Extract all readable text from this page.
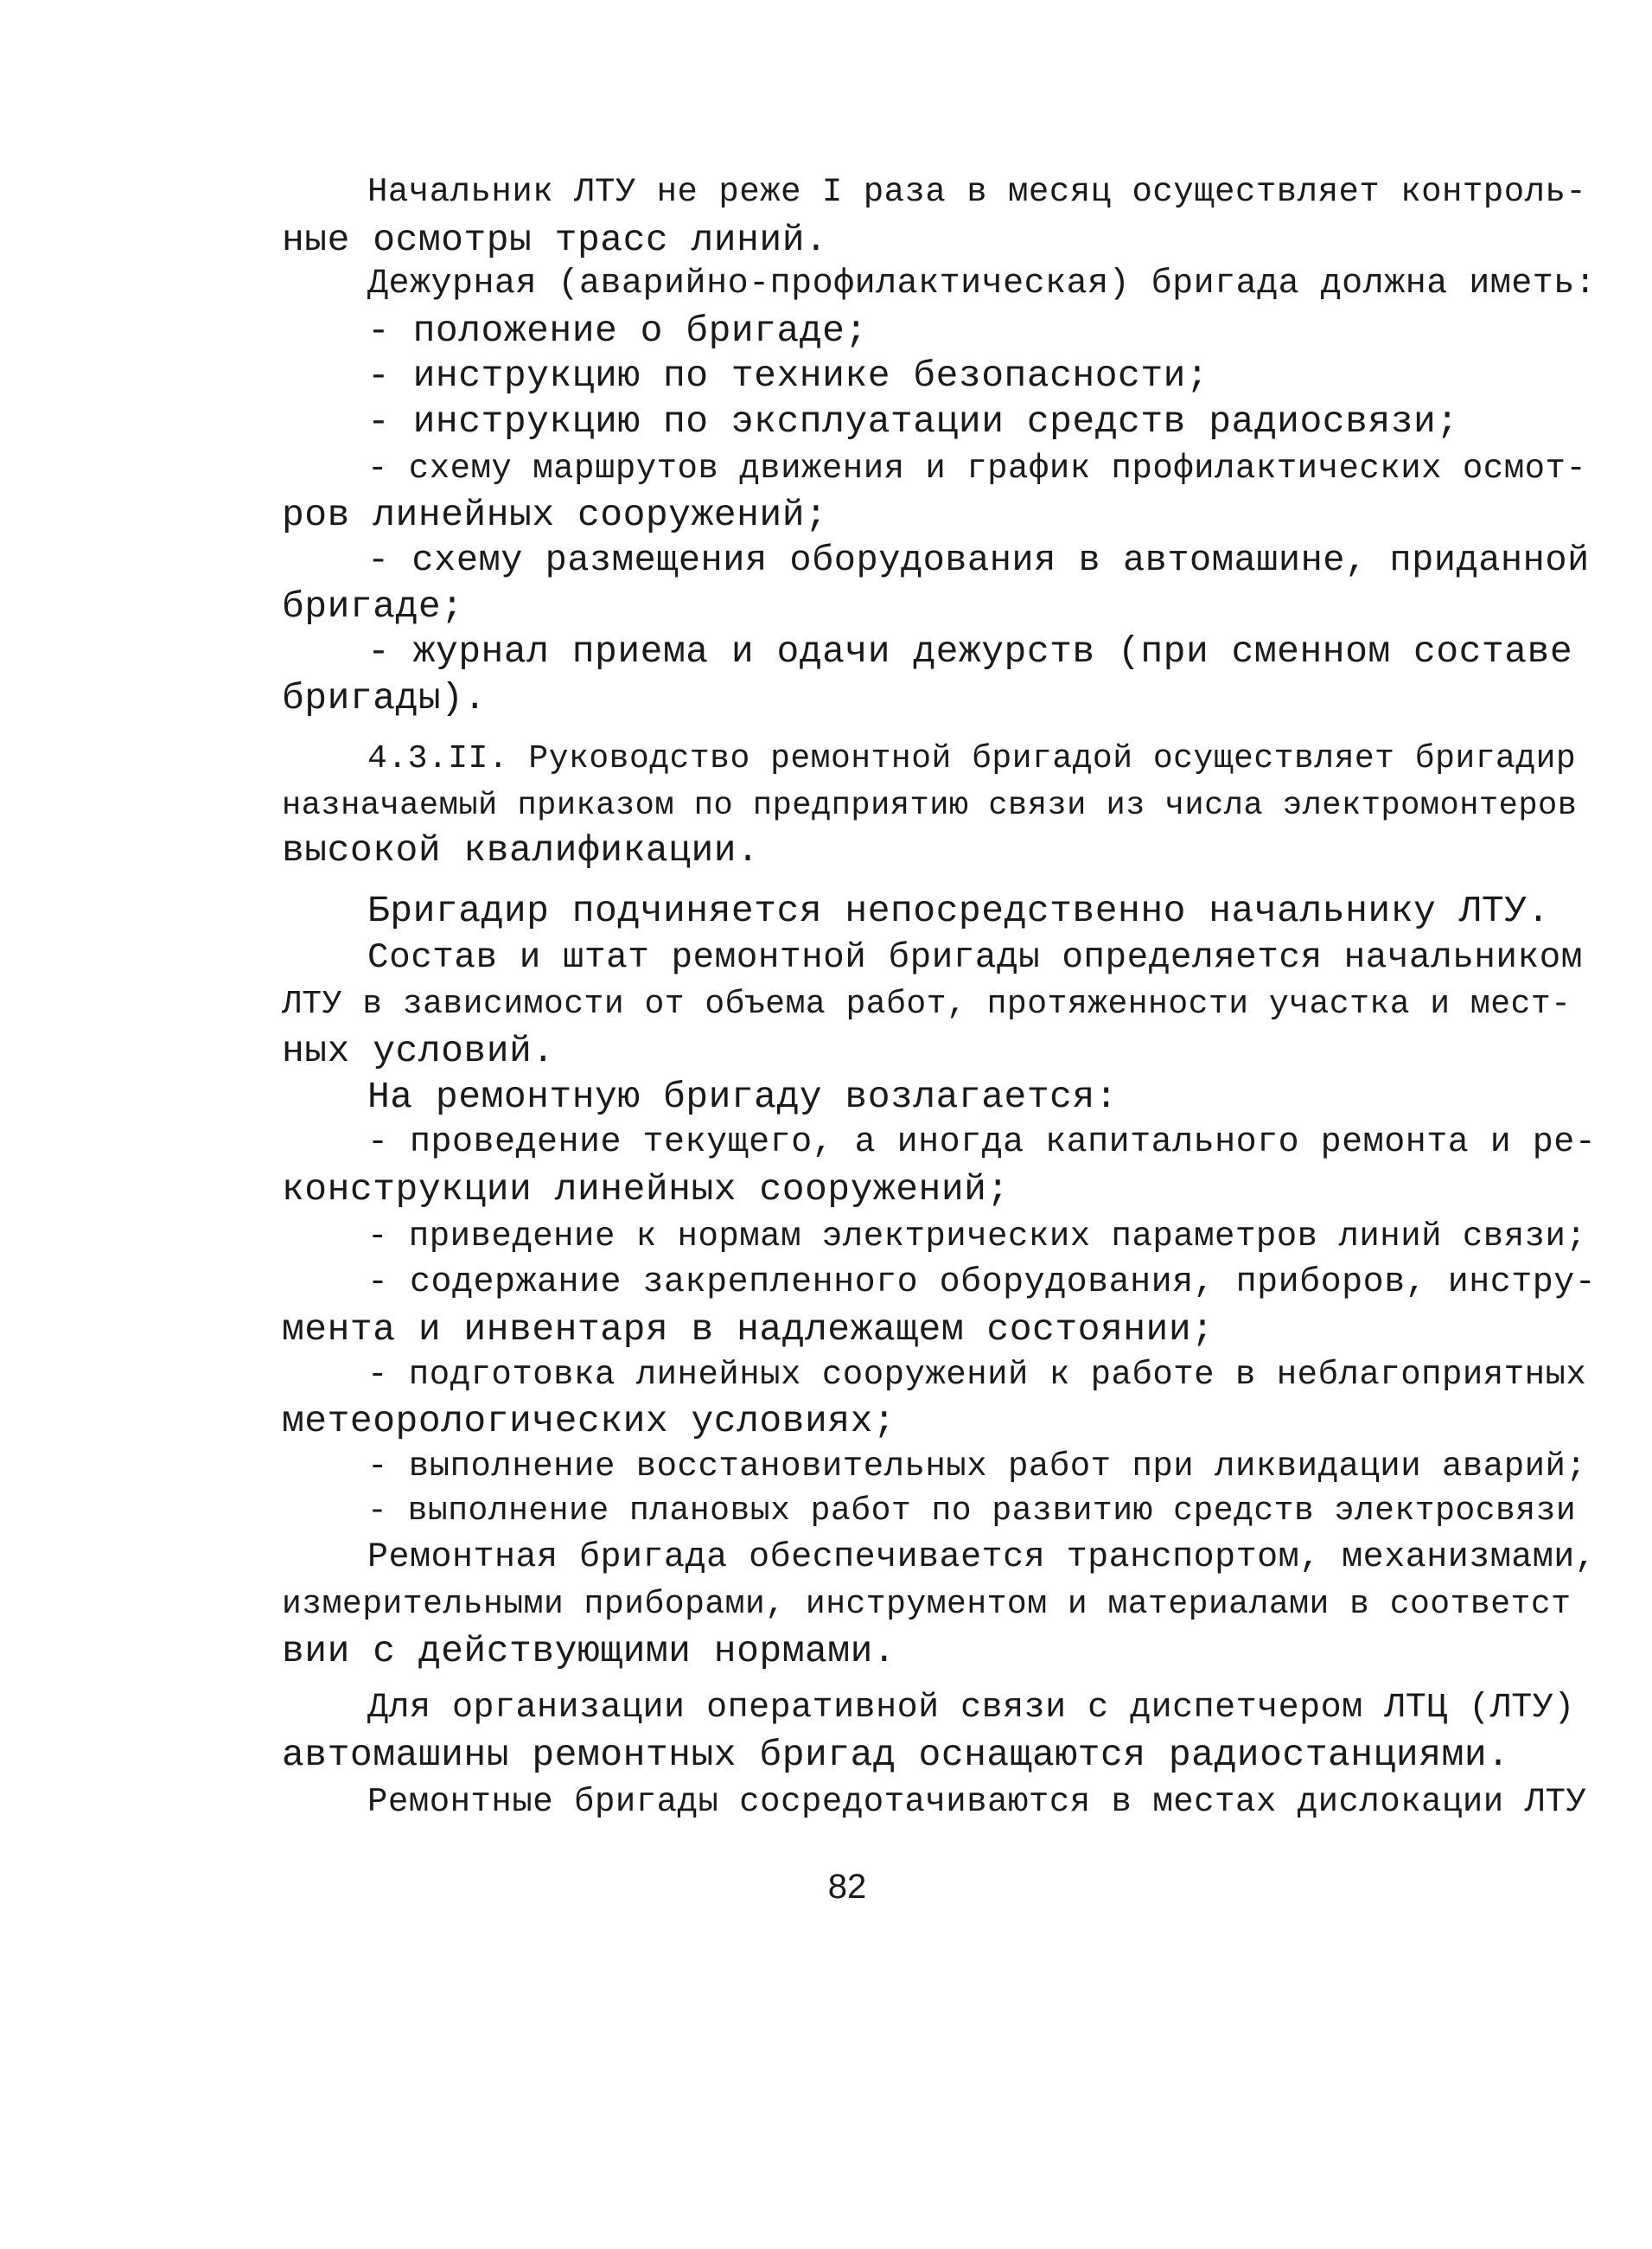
Начальник ЛТУ не реже I раза в месяц осуществляет контроль-
ные осмотры трасс линий.
Дежурная (аварийно-профилактическая) бригада должна иметь:
- положение о бригаде;
- инструкцию по технике безопасности;
- инструкцию по эксплуатации средств радиосвязи;
- схему маршрутов движения и график профилактических осмот-
ров линейных сооружений;
- схему размещения оборудования в автомашине, приданной
бригаде;
- журнал приема и одачи дежурств (при сменном составе
бригады).
4.3.II. Руководство ремонтной бригадой осуществляет бригадир
назначаемый приказом по предприятию связи из числа электромонтеров
высокой квалификации.
Бригадир подчиняется непосредственно начальнику ЛТУ.
Состав и штат ремонтной бригады определяется начальником
ЛТУ в зависимости от объема работ, протяженности участка и мест-
ных условий.
На ремонтную бригаду возлагается:
- проведение текущего, а иногда капитального ремонта и ре-
конструкции линейных сооружений;
- приведение к нормам электрических параметров линий связи;
- содержание закрепленного оборудования, приборов, инстру-
мента и инвентаря в надлежащем состоянии;
- подготовка линейных сооружений к работе в неблагоприятных
метеорологических условиях;
- выполнение восстановительных работ при ликвидации аварий;
- выполнение плановых работ по развитию средств электросвязи
Ремонтная бригада обеспечивается транспортом, механизмами,
измерительными приборами, инструментом и материалами в соответст
вии с действующими нормами.
Для организации оперативной связи с диспетчером ЛТЦ (ЛТУ)
автомашины ремонтных бригад оснащаются радиостанциями.
Ремонтные бригады сосредотачиваются в местах дислокации ЛТУ
82
